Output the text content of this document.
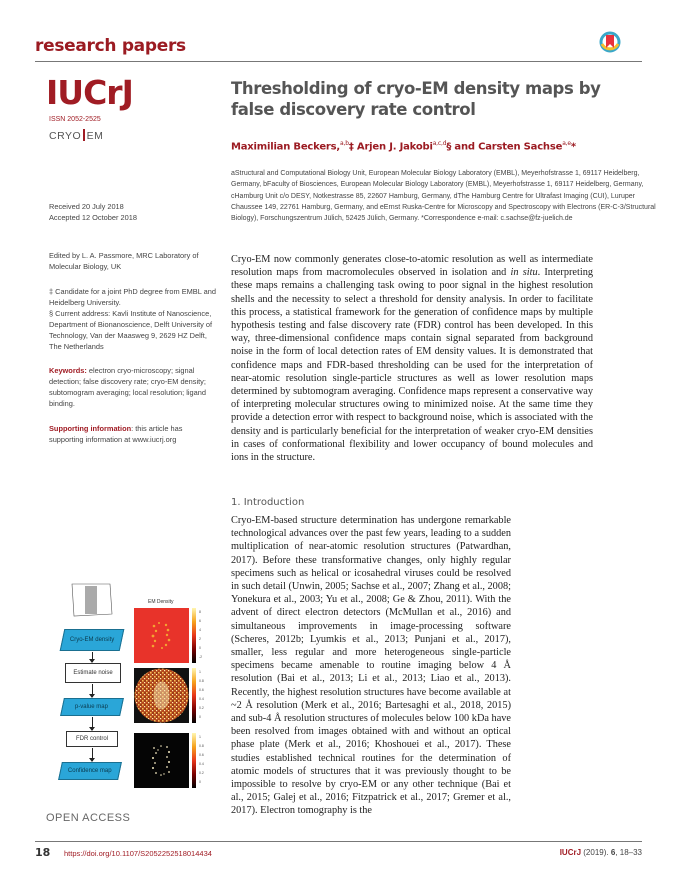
research papers
IUCrJ
ISSN 2052-2525
CRYO EM
Thresholding of cryo-EM density maps by false discovery rate control
Maximilian Beckers,$^{a,b}$‡ Arjen J. Jakobi$^{a,c,d}$§ and Carsten Sachse$^{a,e}$*
aStructural and Computational Biology Unit, European Molecular Biology Laboratory (EMBL), Meyerhofstrasse 1, 69117 Heidelberg, Germany, bFaculty of Biosciences, European Molecular Biology Laboratory (EMBL), Meyerhofstrasse 1, 69117 Heidelberg, Germany, cHamburg Unit c/o DESY, Notkestrasse 85, 22607 Hamburg, Germany, dThe Hamburg Centre for Ultrafast Imaging (CUI), Luruper Chaussee 149, 22761 Hamburg, Germany, and eErnst Ruska-Centre for Microscopy and Spectroscopy with Electrons (ER-C-3/Structural Biology), Forschungszentrum Jülich, 52425 Jülich, Germany. *Correspondence e-mail: c.sachse@fz-juelich.de
Received 20 July 2018
Accepted 12 October 2018
Edited by L. A. Passmore, MRC Laboratory of Molecular Biology, UK
‡ Candidate for a joint PhD degree from EMBL and Heidelberg University.
§ Current address: Kavli Institute of Nanoscience, Department of Bionanoscience, Delft University of Technology, Van der Maasweg 9, 2629 HZ Delft, The Netherlands
Keywords: electron cryo-microscopy; signal detection; false discovery rate; cryo-EM density; subtomogram averaging; local resolution; ligand binding.
Supporting information: this article has supporting information at www.iucrj.org
Cryo-EM now commonly generates close-to-atomic resolution as well as intermediate resolution maps from macromolecules observed in isolation and in situ. Interpreting these maps remains a challenging task owing to poor signal in the highest resolution shells and the necessity to select a threshold for density analysis. In order to facilitate this process, a statistical framework for the generation of confidence maps by multiple hypothesis testing and false discovery rate (FDR) control has been developed. In this way, three-dimensional confidence maps contain signal separated from background noise in the form of local detection rates of EM density values. It is demonstrated that confidence maps and FDR-based thresholding can be used for the interpretation of near-atomic resolution single-particle structures as well as lower resolution maps determined by subtomogram averaging. Confidence maps represent a conservative way of interpreting molecular structures owing to minimized noise. At the same time they provide a detection error with respect to background noise, which is associated with the density and is particularly beneficial for the interpretation of weaker cryo-EM densities in cases of conformational flexibility and lower occupancy of bound molecules and ions in the structure.
1. Introduction
Cryo-EM-based structure determination has undergone remarkable technological advances over the past few years, leading to a sudden multiplication of near-atomic resolution structures (Patwardhan, 2017). Before these transformative changes, only highly regular specimens such as helical or icosahedral viruses could be resolved in such detail (Unwin, 2005; Sachse et al., 2007; Zhang et al., 2008; Yonekura et al., 2003; Yu et al., 2008; Ge & Zhou, 2011). With the advent of direct electron detectors (McMullan et al., 2016) and simultaneous improvements in image-processing software (Scheres, 2012b; Lyumkis et al., 2013; Punjani et al., 2017), smaller, less regular and more heterogeneous single-particle specimens became amenable to routine imaging below 4 Å resolution (Bai et al., 2013; Li et al., 2013; Liao et al., 2013). Recently, the highest resolution structures have become available at ~2 Å resolution (Merk et al., 2016; Bartesaghi et al., 2018, 2015) and sub-4 Å resolution structures of molecules below 100 kDa have been resolved from images obtained with and without an optical phase plate (Merk et al., 2016; Khoshouei et al., 2017). These studies established technical routines for the determination of atomic models of structures that it was previously thought to be impossible to resolve by cryo-EM or any other technique (Bai et al., 2015; Galej et al., 2016; Fitzpatrick et al., 2017; Gremer et al., 2017). Electron tomography is the
Cryo-EM density
Estimate noise
p-value map
FDR control
Confidence map
EM Density
8
6
4
2
0
-2
1
0.8
0.6
0.4
0.2
0
1
0.8
0.6
0.4
0.2
0
OPEN ACCESS
18 https://doi.org/10.1107/S2052252518014434	IUCrJ (2019). 6, 18–33
